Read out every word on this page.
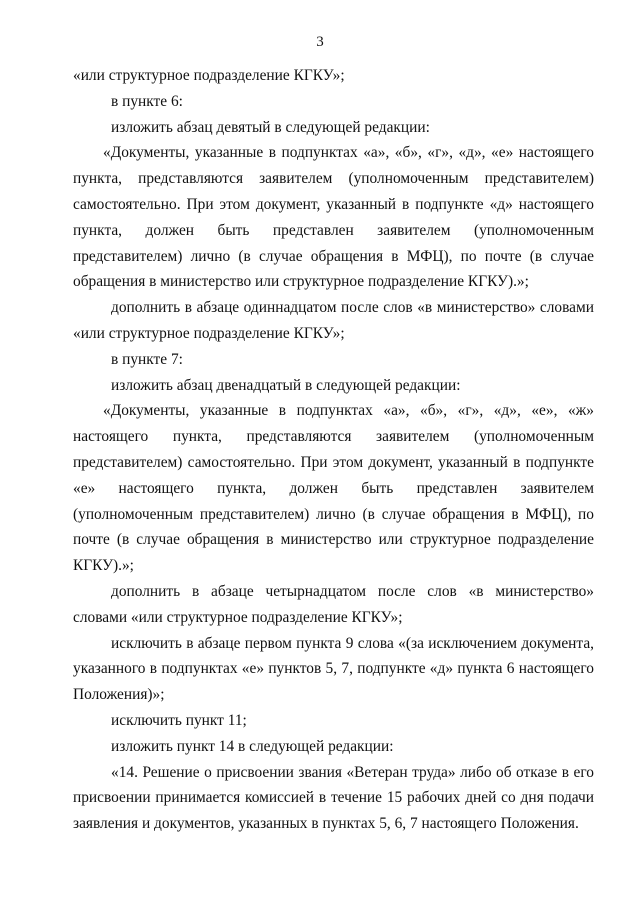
3

«или структурное подразделение КГКУ»;

в пункте 6:

изложить абзац девятый в следующей редакции:

«Документы, указанные в подпунктах «а», «б», «г», «д», «е» настоящего пункта, представляются заявителем (уполномоченным представителем) самостоятельно. При этом документ, указанный в подпункте «д» настоящего пункта, должен быть представлен заявителем (уполномоченным представителем) лично (в случае обращения в МФЦ), по почте (в случае обращения в министерство или структурное подразделение КГКУ).»;

дополнить в абзаце одиннадцатом после слов «в министерство» словами «или структурное подразделение КГКУ»;

в пункте 7:

изложить абзац двенадцатый в следующей редакции:

«Документы, указанные в подпунктах «а», «б», «г», «д», «е», «ж» настоящего пункта, представляются заявителем (уполномоченным представителем) самостоятельно. При этом документ, указанный в подпункте «е» настоящего пункта, должен быть представлен заявителем (уполномоченным представителем) лично (в случае обращения в МФЦ), по почте (в случае обращения в министерство или структурное подразделение КГКУ).»;

дополнить в абзаце четырнадцатом после слов «в министерство» словами «или структурное подразделение КГКУ»;

исключить в абзаце первом пункта 9 слова «(за исключением документа, указанного в подпунктах «е» пунктов 5, 7, подпункте «д» пункта 6 настоящего Положения)»;

исключить пункт 11;

изложить пункт 14 в следующей редакции:

«14. Решение о присвоении звания «Ветеран труда» либо об отказе в его присвоении принимается комиссией в течение 15 рабочих дней со дня подачи заявления и документов, указанных в пунктах 5, 6, 7 настоящего Положения.
